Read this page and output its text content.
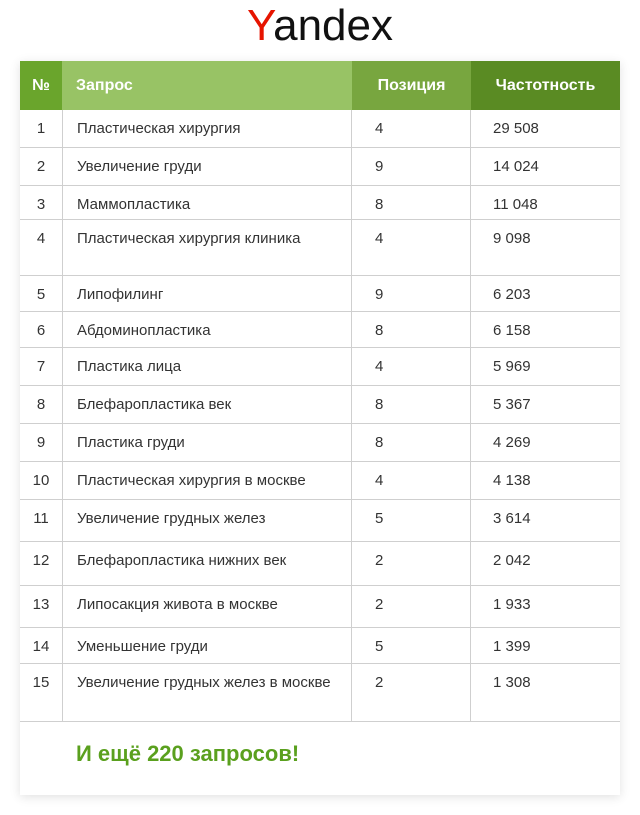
Yandex
№	Запрос	Позиция	Частотность
1	Пластическая хирургия	4	29 508
2	Увеличение груди	9	14 024
3	Маммопластика	8	11 048
4	Пластическая хирургия клиника	4	9 098
5	Липофилинг	9	6 203
6	Абдоминопластика	8	6 158
7	Пластика лица	4	5 969
8	Блефаропластика век	8	5 367
9	Пластика груди	8	4 269
10	Пластическая хирургия в москве	4	4 138
11	Увеличение грудных желез	5	3 614
12	Блефаропластика нижних век	2	2 042
13	Липосакция живота в москве	2	1 933
14	Уменьшение груди	5	1 399
15	Увеличение грудных желез в москве	2	1 308
И ещё 220 запросов!
